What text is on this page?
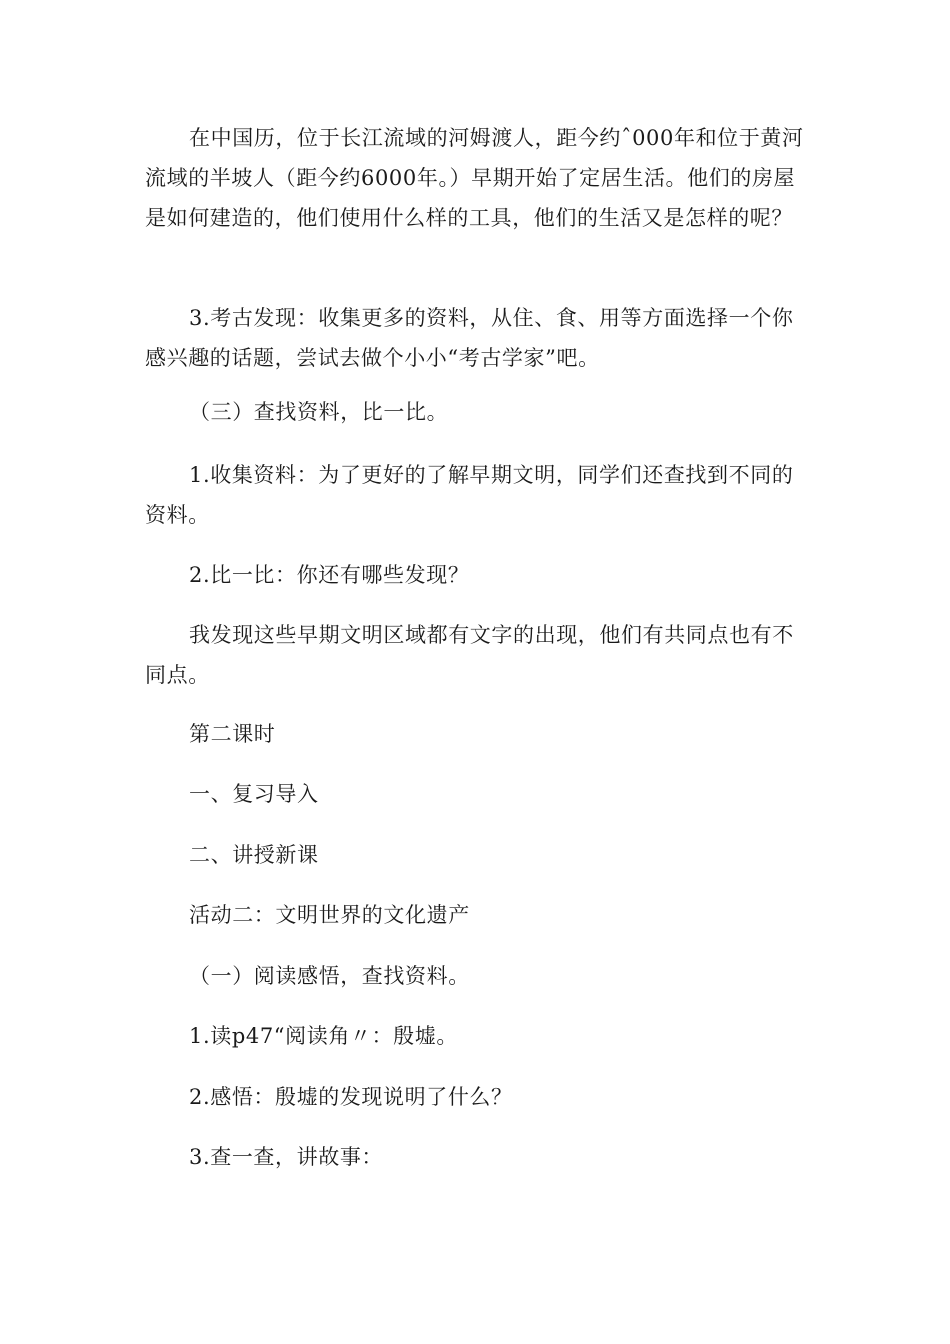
在中国历，位于长江流域的河姆渡人，距今约ˆ000年和位于黄河流域的半坡人（距今约6000年。）早期开始了定居生活。他们的房屋是如何建造的，他们使用什么样的工具，他们的生活又是怎样的呢？

3.考古发现：收集更多的资料，从住、食、用等方面选择一个你感兴趣的话题，尝试去做个小小“考古学家”吧。

（三）查找资料，比一比。

1.收集资料：为了更好的了解早期文明，同学们还查找到不同的资料。

2.比一比：你还有哪些发现？

我发现这些早期文明区域都有文字的出现，他们有共同点也有不同点。

第二课时

一、复习导入

二、讲授新课

活动二：文明世界的文化遗产

（一）阅读感悟，查找资料。

1.读p47“阅读角〃：殷墟。

2.感悟：殷墟的发现说明了什么？

3.查一查，讲故事：
